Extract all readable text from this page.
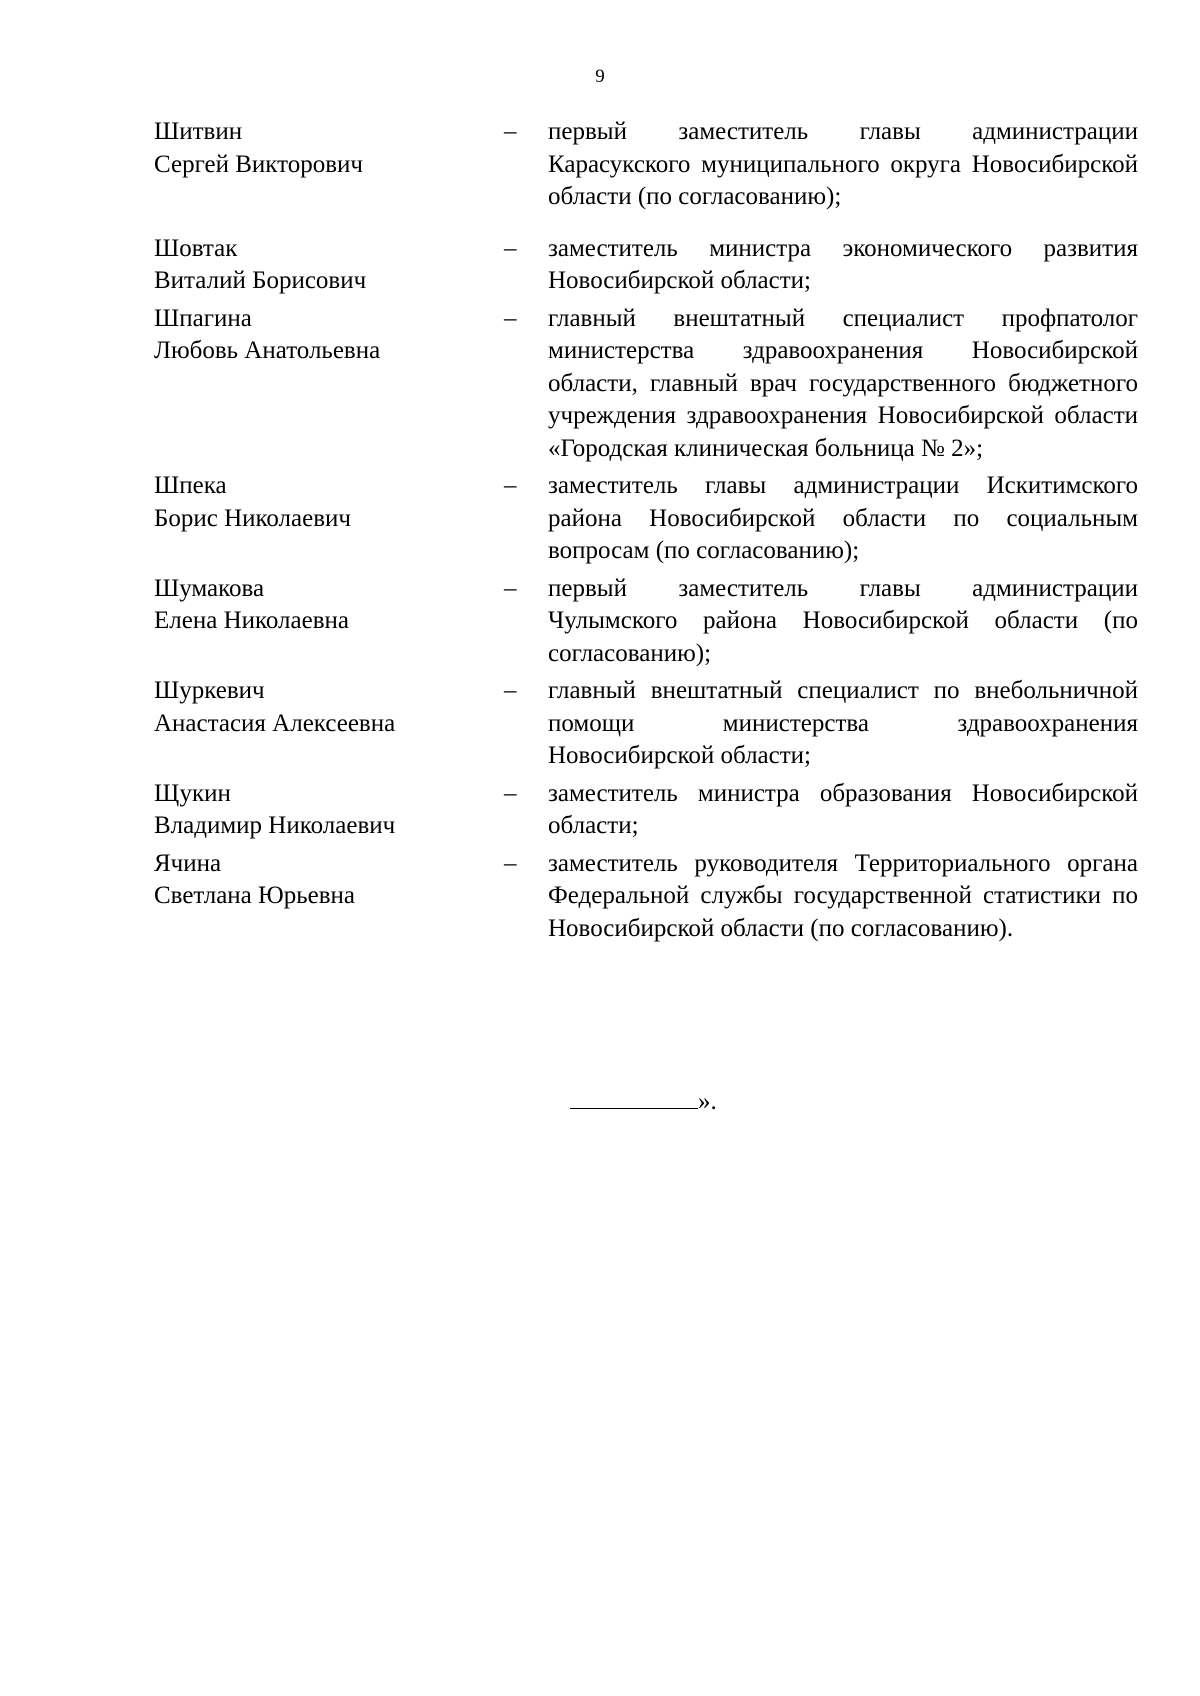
9
Шитвин
Сергей Викторович
–	первый заместитель главы администрации Карасукского муниципального округа Новосибирской области (по согласованию);
Шовтак
Виталий Борисович
–	заместитель министра экономического развития Новосибирской области;
Шпагина
Любовь Анатольевна
–	главный внештатный специалист профпатолог министерства здравоохранения Новосибирской области, главный врач государственного бюджетного учреждения здравоохранения Новосибирской области «Городская клиническая больница № 2»;
Шпека
Борис Николаевич
–	заместитель главы администрации Искитимского района Новосибирской области по социальным вопросам (по согласованию);
Шумакова
Елена Николаевна
–	первый заместитель главы администрации Чулымского района Новосибирской области (по согласованию);
Шуркевич
Анастасия Алексеевна
–	главный внештатный специалист по внебольничной помощи министерства здравоохранения Новосибирской области;
Щукин
Владимир Николаевич
–	заместитель министра образования Новосибирской области;
Ячина
Светлана Юрьевна
–	заместитель руководителя Территориального органа Федеральной службы государственной статистики по Новосибирской области (по согласованию).
».
